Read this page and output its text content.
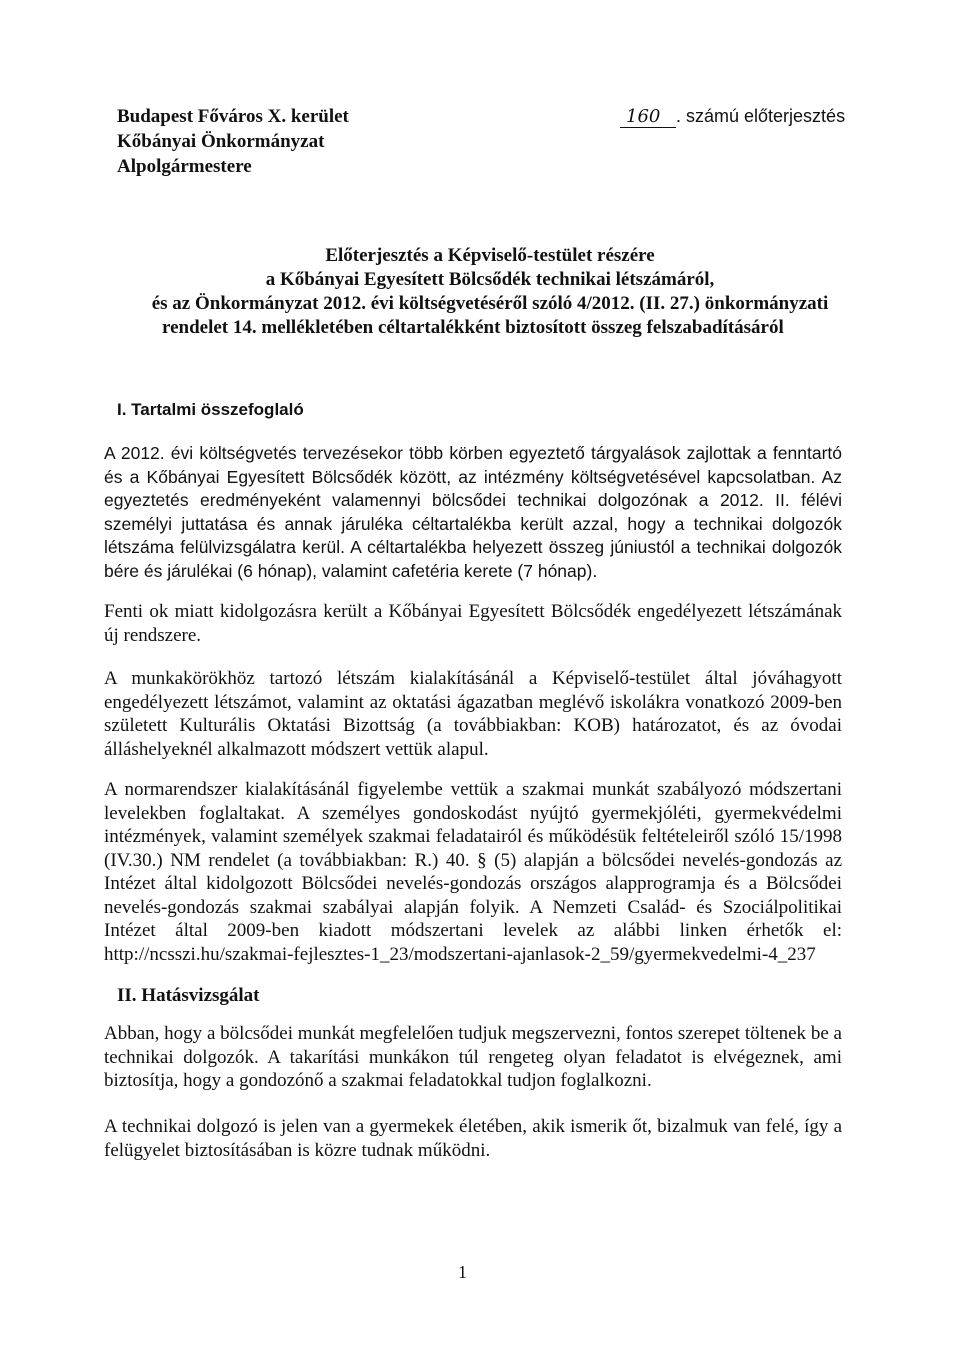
Budapest Főváros X. kerület
Kőbányai Önkormányzat
Alpolgármestere
160 . számú előterjesztés
Előterjesztés a Képviselő-testület részére
a Kőbányai Egyesített Bölcsődék technikai létszámáról,
és az Önkormányzat 2012. évi költségvetéséről szóló 4/2012. (II. 27.) önkormányzati
rendelet 14. mellékletében céltartalékként biztosított összeg felszabadításáról
I. Tartalmi összefoglaló

A 2012. évi költségvetés tervezésekor több körben egyeztető tárgyalások zajlottak a fenntartó és a Kőbányai Egyesített Bölcsődék között, az intézmény költségvetésével kapcsolatban. Az egyeztetés eredményeként valamennyi bölcsődei technikai dolgozónak a 2012. II. félévi személyi juttatása és annak járuléka céltartalékba került azzal, hogy a technikai dolgozók létszáma felülvizsgálatra kerül. A céltartalékba helyezett összeg júniustól a technikai dolgozók bére és járulékai (6 hónap), valamint cafetéria kerete (7 hónap).

Fenti ok miatt kidolgozásra került a Kőbányai Egyesített Bölcsődék engedélyezett létszámának új rendszere.

A munkakörökhöz tartozó létszám kialakításánál a Képviselő-testület által jóváhagyott engedélyezett létszámot, valamint az oktatási ágazatban meglévő iskolákra vonatkozó 2009-ben született Kulturális Oktatási Bizottság (a továbbiakban: KOB) határozatot, és az óvodai álláshelyeknél alkalmazott módszert vettük alapul.

A normarendszer kialakításánál figyelembe vettük a szakmai munkát szabályozó módszertani levelekben foglaltakat. A személyes gondoskodást nyújtó gyermekjóléti, gyermekvédelmi intézmények, valamint személyek szakmai feladatairól és működésük feltételeiről szóló 15/1998 (IV.30.) NM rendelet (a továbbiakban: R.) 40. § (5) alapján a bölcsődei nevelés-gondozás az Intézet által kidolgozott Bölcsődei nevelés-gondozás országos alapprogramja és a Bölcsődei nevelés-gondozás szakmai szabályai alapján folyik. A Nemzeti Család- és Szociálpolitikai Intézet által 2009-ben kiadott módszertani levelek az alábbi linken érhetők el: http://ncsszi.hu/szakmai-fejlesztes-1_23/modszertani-ajanlasok-2_59/gyermekvedelmi-4_237

II. Hatásvizsgálat

Abban, hogy a bölcsődei munkát megfelelően tudjuk megszervezni, fontos szerepet töltenek be a technikai dolgozók. A takarítási munkákon túl rengeteg olyan feladatot is elvégeznek, ami biztosítja, hogy a gondozónő a szakmai feladatokkal tudjon foglalkozni.

A technikai dolgozó is jelen van a gyermekek életében, akik ismerik őt, bizalmuk van felé, így a felügyelet biztosításában is közre tudnak működni.

1
